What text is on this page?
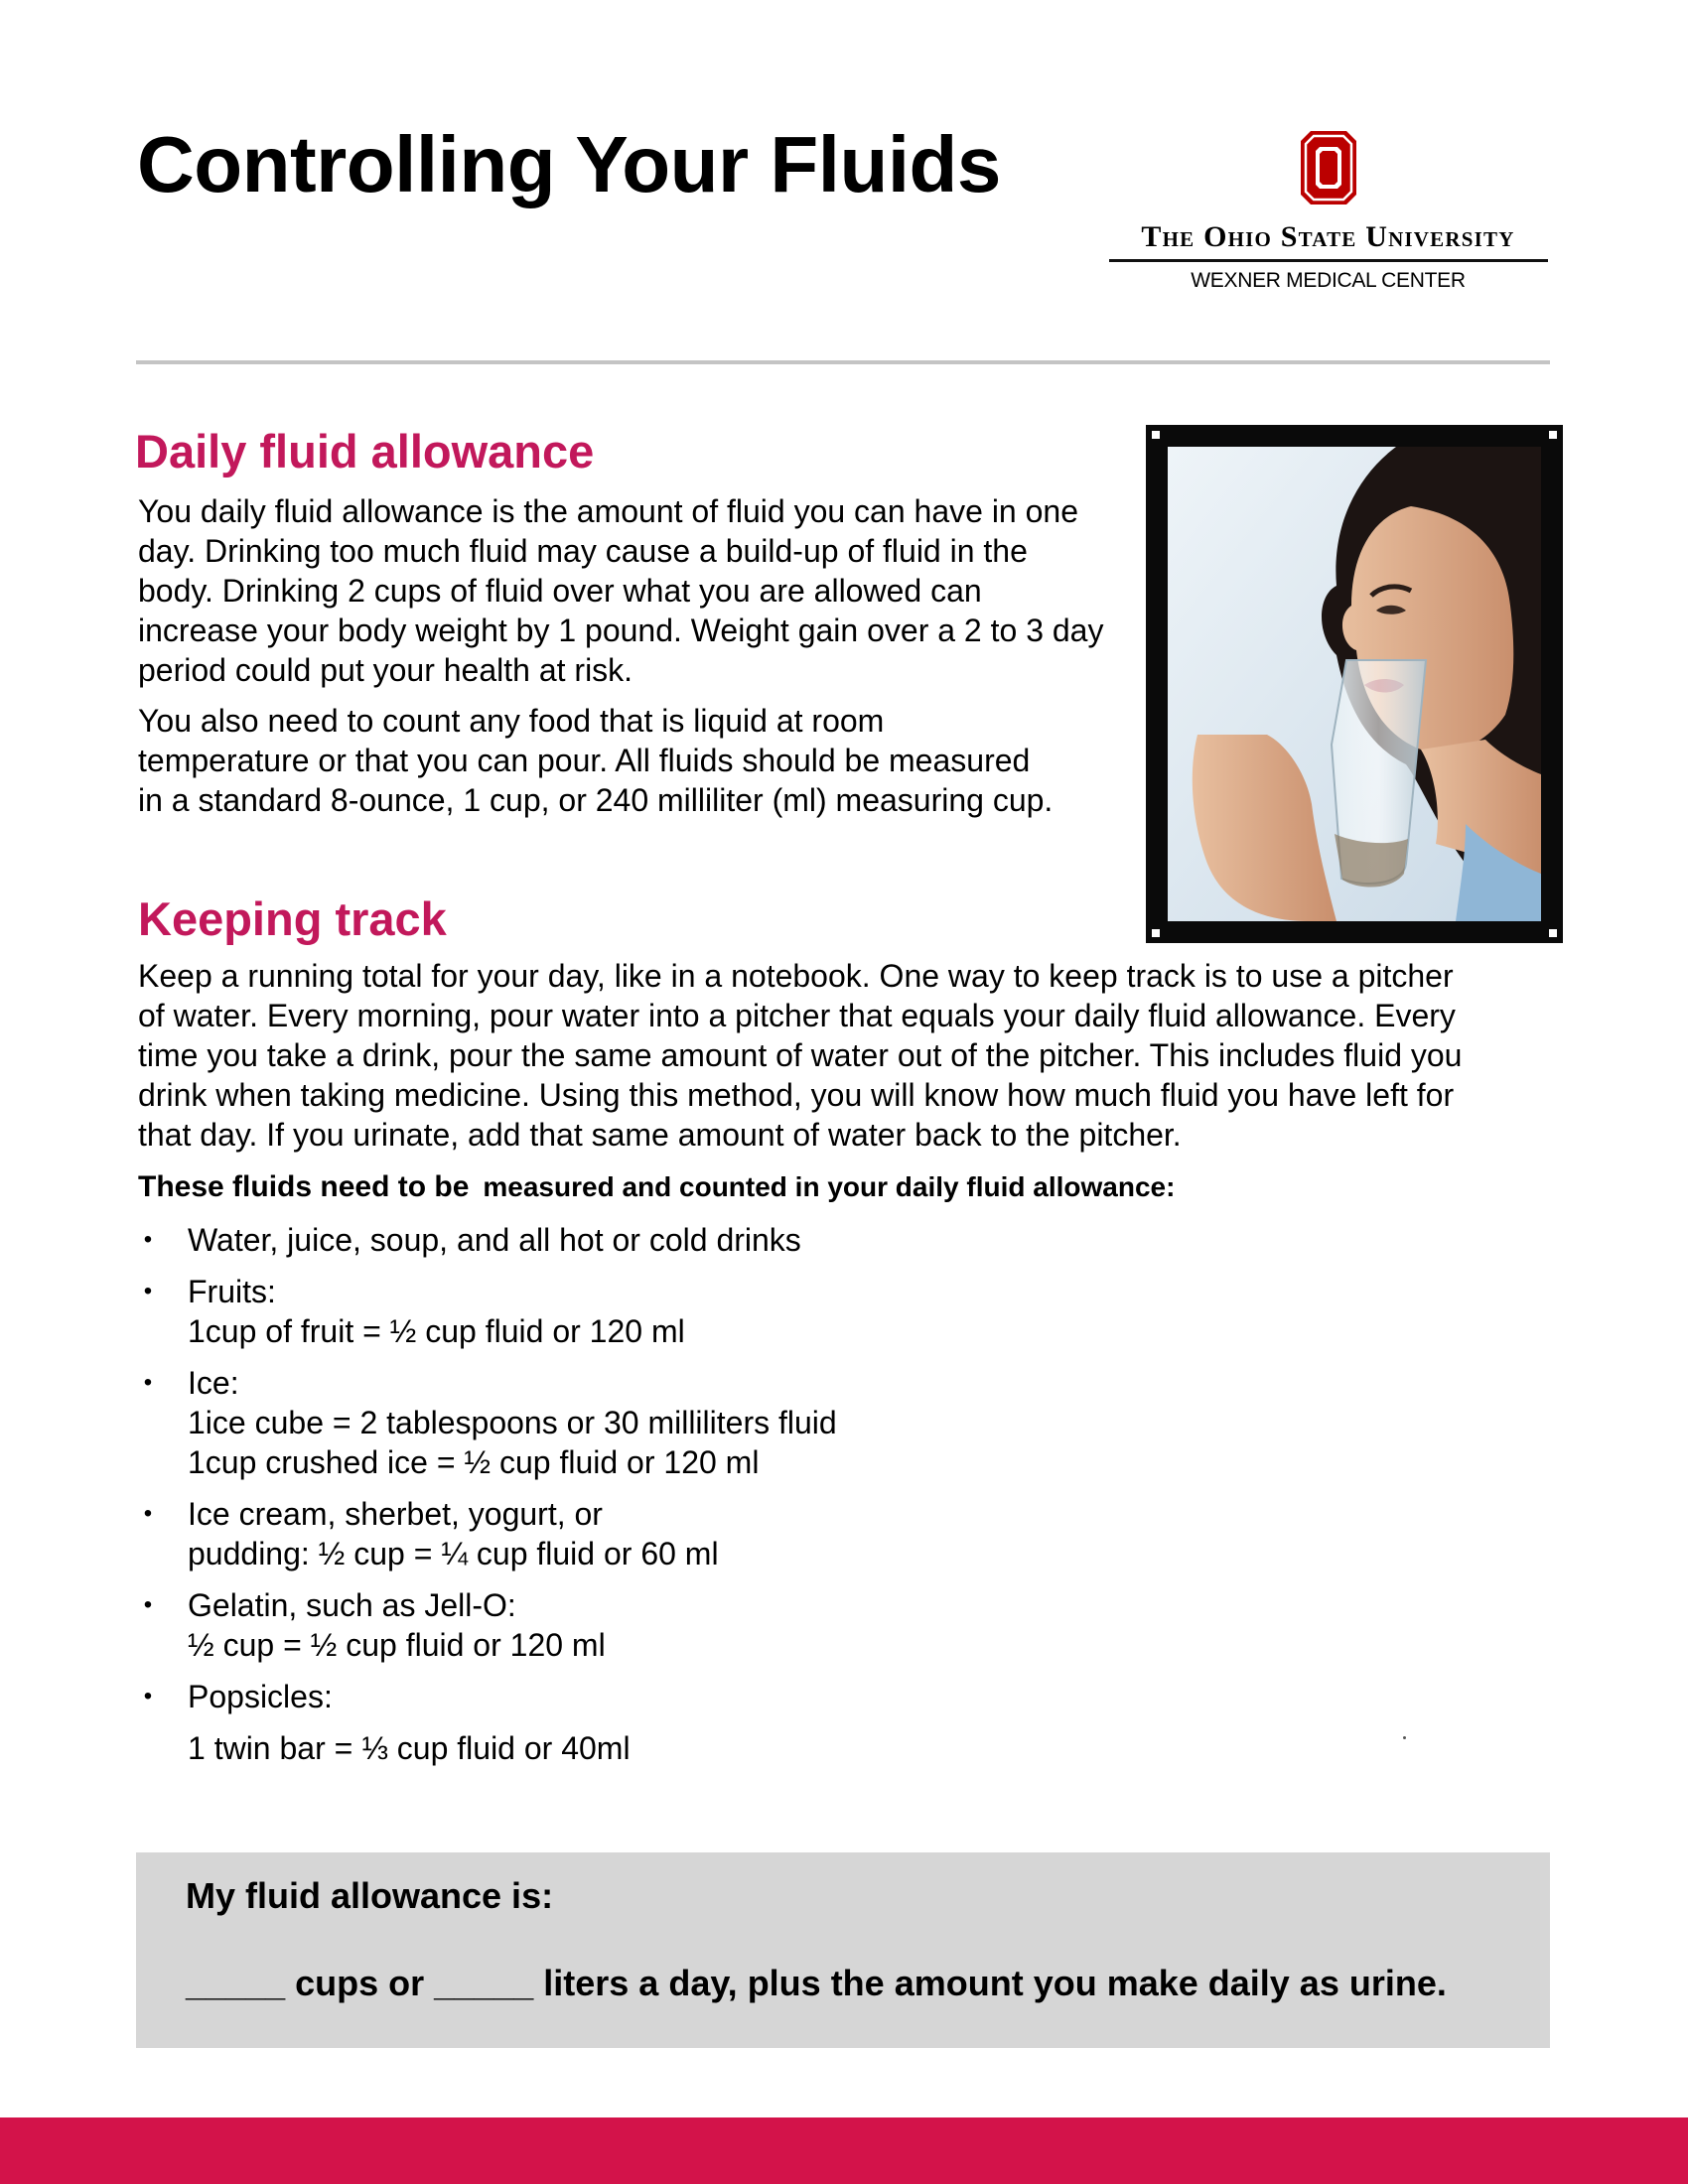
Controlling Your Fluids
The Ohio State University
WEXNER MEDICAL CENTER
Daily fluid allowance
You daily fluid allowance is the amount of fluid you can have in one
day. Drinking too much fluid may cause a build-up of fluid in the
body. Drinking 2 cups of fluid over what you are allowed can
increase your body weight by 1 pound. Weight gain over a 2 to 3 day
period could put your health at risk.
You also need to count any food that is liquid at room
temperature or that you can pour. All fluids should be measured
in a standard 8-ounce, 1 cup, or 240 milliliter (ml) measuring cup.
Keeping track
Keep a running total for your day, like in a notebook. One way to keep track is to use a pitcher
of water. Every morning, pour water into a pitcher that equals your daily fluid allowance. Every
time you take a drink, pour the same amount of water out of the pitcher. This includes fluid you
drink when taking medicine. Using this method, you will know how much fluid you have left for
that day. If you urinate, add that same amount of water back to the pitcher.
These fluids need to be measured and counted in your daily fluid allowance:
• Water, juice, soup, and all hot or cold drinks
• Fruits:
1cup of fruit = ½ cup fluid or 120 ml
• Ice:
1ice cube = 2 tablespoons or 30 milliliters fluid
1cup crushed ice = ½ cup fluid or 120 ml
• Ice cream, sherbet, yogurt, or
pudding: ½ cup = ¼ cup fluid or 60 ml
• Gelatin, such as Jell-O:
½ cup = ½ cup fluid or 120 ml
• Popsicles:
1 twin bar = ⅓ cup fluid or 40ml
My fluid allowance is:
_____ cups or _____ liters a day, plus the amount you make daily as urine.
